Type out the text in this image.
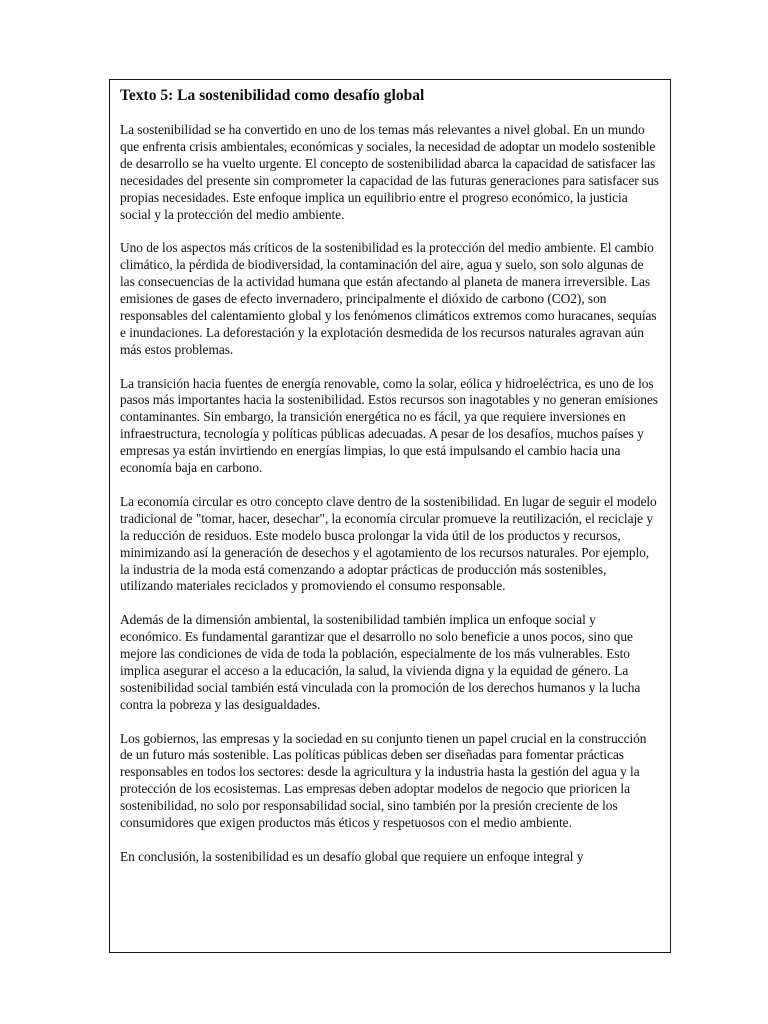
Texto 5: La sostenibilidad como desafío global

La sostenibilidad se ha convertido en uno de los temas más relevantes a nivel global. En un mundo que enfrenta crisis ambientales, económicas y sociales, la necesidad de adoptar un modelo sostenible de desarrollo se ha vuelto urgente. El concepto de sostenibilidad abarca la capacidad de satisfacer las necesidades del presente sin comprometer la capacidad de las futuras generaciones para satisfacer sus propias necesidades. Este enfoque implica un equilibrio entre el progreso económico, la justicia social y la protección del medio ambiente.

Uno de los aspectos más críticos de la sostenibilidad es la protección del medio ambiente. El cambio climático, la pérdida de biodiversidad, la contaminación del aire, agua y suelo, son solo algunas de las consecuencias de la actividad humana que están afectando al planeta de manera irreversible. Las emisiones de gases de efecto invernadero, principalmente el dióxido de carbono (CO2), son responsables del calentamiento global y los fenómenos climáticos extremos como huracanes, sequías e inundaciones. La deforestación y la explotación desmedida de los recursos naturales agravan aún más estos problemas.

La transición hacia fuentes de energía renovable, como la solar, eólica y hidroeléctrica, es uno de los pasos más importantes hacia la sostenibilidad. Estos recursos son inagotables y no generan emisiones contaminantes. Sin embargo, la transición energética no es fácil, ya que requiere inversiones en infraestructura, tecnología y políticas públicas adecuadas. A pesar de los desafíos, muchos países y empresas ya están invirtiendo en energías limpias, lo que está impulsando el cambio hacia una economía baja en carbono.

La economía circular es otro concepto clave dentro de la sostenibilidad. En lugar de seguir el modelo tradicional de "tomar, hacer, desechar", la economía circular promueve la reutilización, el reciclaje y la reducción de residuos. Este modelo busca prolongar la vida útil de los productos y recursos, minimizando así la generación de desechos y el agotamiento de los recursos naturales. Por ejemplo, la industria de la moda está comenzando a adoptar prácticas de producción más sostenibles, utilizando materiales reciclados y promoviendo el consumo responsable.

Además de la dimensión ambiental, la sostenibilidad también implica un enfoque social y económico. Es fundamental garantizar que el desarrollo no solo beneficie a unos pocos, sino que mejore las condiciones de vida de toda la población, especialmente de los más vulnerables. Esto implica asegurar el acceso a la educación, la salud, la vivienda digna y la equidad de género. La sostenibilidad social también está vinculada con la promoción de los derechos humanos y la lucha contra la pobreza y las desigualdades.

Los gobiernos, las empresas y la sociedad en su conjunto tienen un papel crucial en la construcción de un futuro más sostenible. Las políticas públicas deben ser diseñadas para fomentar prácticas responsables en todos los sectores: desde la agricultura y la industria hasta la gestión del agua y la protección de los ecosistemas. Las empresas deben adoptar modelos de negocio que prioricen la sostenibilidad, no solo por responsabilidad social, sino también por la presión creciente de los consumidores que exigen productos más éticos y respetuosos con el medio ambiente.

En conclusión, la sostenibilidad es un desafío global que requiere un enfoque integral y
